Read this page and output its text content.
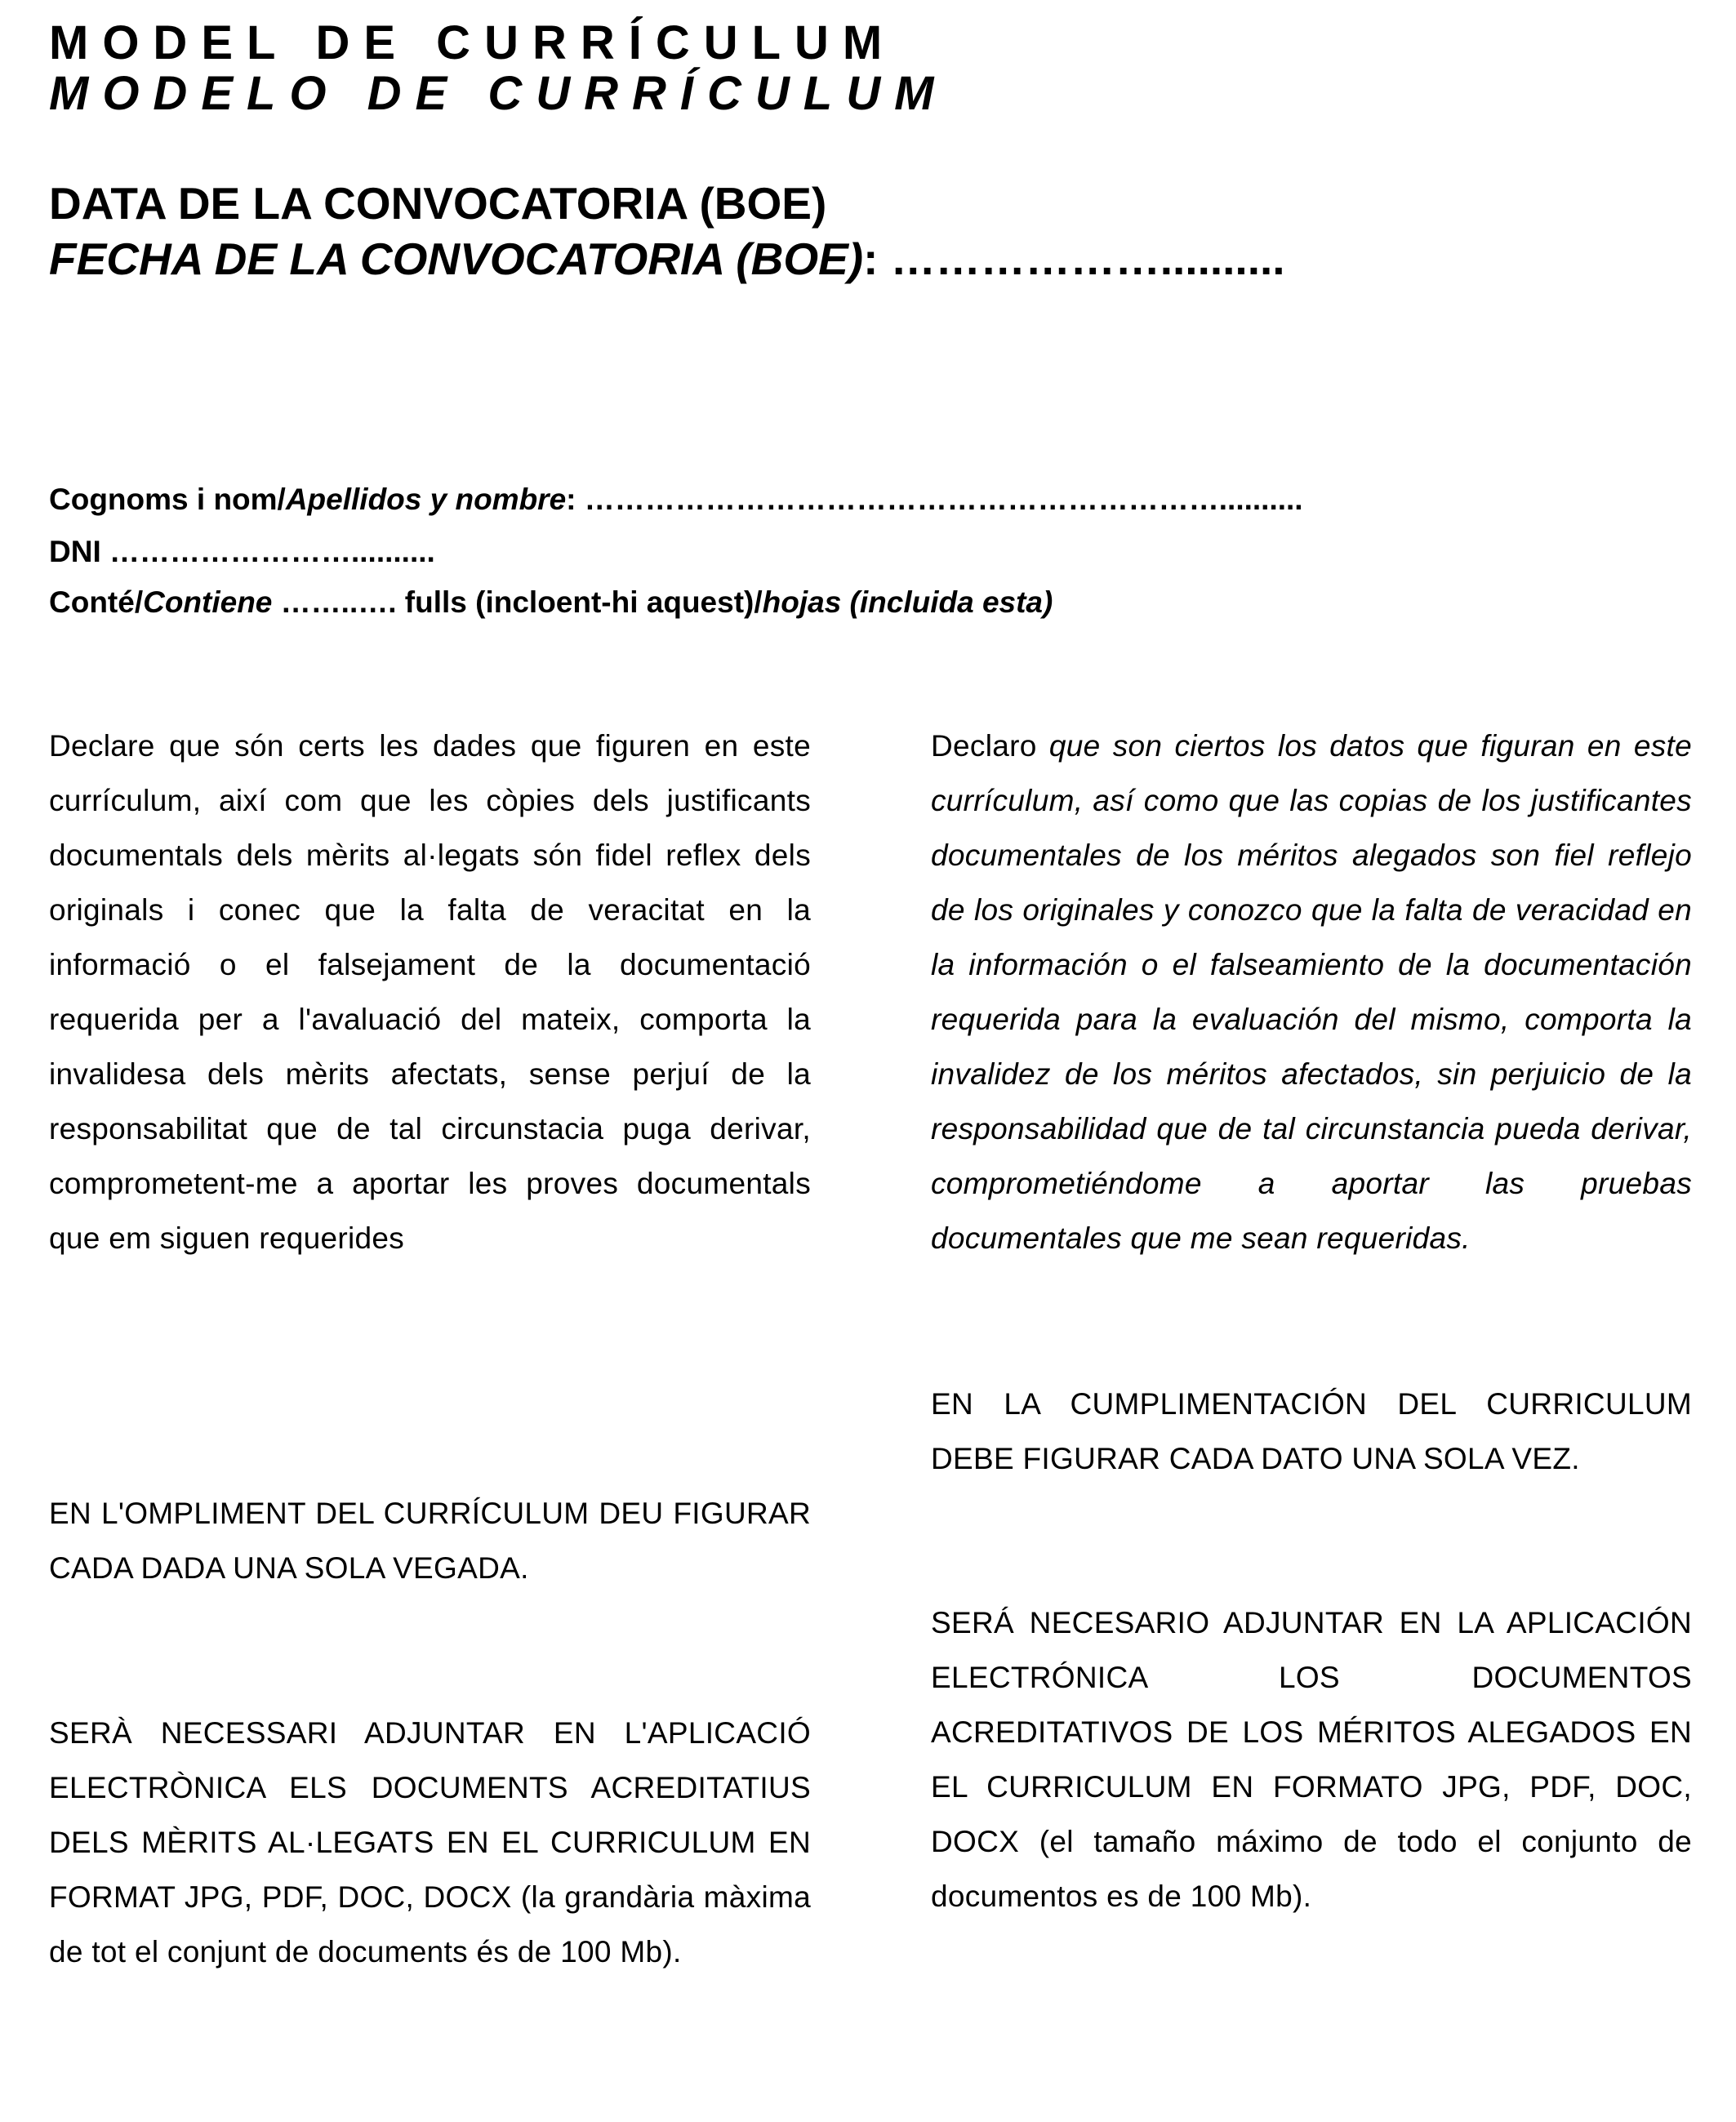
MODEL DE CURRÍCULUM
MODELO DE CURRÍCULUM
DATA DE LA CONVOCATORIA (BOE)
FECHA DE LA CONVOCATORIA (BOE): ………………..........
Cognoms i nom/Apellidos y nombre: ………………………………………………………..........
DNI ……………………..........
Conté/Contiene ……..…. fulls (incloent-hi aquest)/hojas (incluida esta)

Declare que són certs les dades que figuren en este currículum, així com que les còpies dels justificants documentals dels mèrits al·legats són fidel reflex dels originals i conec que la falta de veracitat en la informació o el falsejament de la documentació requerida per a l'avaluació del mateix, comporta la invalidesa dels mèrits afectats, sense perjuí de la responsabilitat que de tal circunstacia puga derivar, comprometent-me a aportar les proves documentals que em siguen requerides

Declaro que son ciertos los datos que figuran en este currículum, así como que las copias de los justificantes documentales de los méritos alegados son fiel reflejo de los originales y conozco que la falta de veracidad en la información o el falseamiento de la documentación requerida para la evaluación del mismo, comporta la invalidez de los méritos afectados, sin perjuicio de la responsabilidad que de tal circunstancia pueda derivar, comprometiéndome a aportar las pruebas documentales que me sean requeridas.

EN LA CUMPLIMENTACIÓN DEL CURRICULUM DEBE FIGURAR CADA DATO UNA SOLA VEZ.

EN L'OMPLIMENT DEL CURRÍCULUM DEU FIGURAR CADA DADA UNA SOLA VEGADA.

SERÁ NECESARIO ADJUNTAR EN LA APLICACIÓN ELECTRÓNICA LOS DOCUMENTOS ACREDITATIVOS DE LOS MÉRITOS ALEGADOS EN EL CURRICULUM EN FORMATO JPG, PDF, DOC, DOCX (el tamaño máximo de todo el conjunto de documentos es de 100 Mb).

SERÀ NECESSARI ADJUNTAR EN L'APLICACIÓ ELECTRÒNICA ELS DOCUMENTS ACREDITATIUS DELS MÈRITS AL·LEGATS EN EL CURRICULUM EN FORMAT JPG, PDF, DOC, DOCX (la grandària màxima de tot el conjunt de documents és de 100 Mb).
